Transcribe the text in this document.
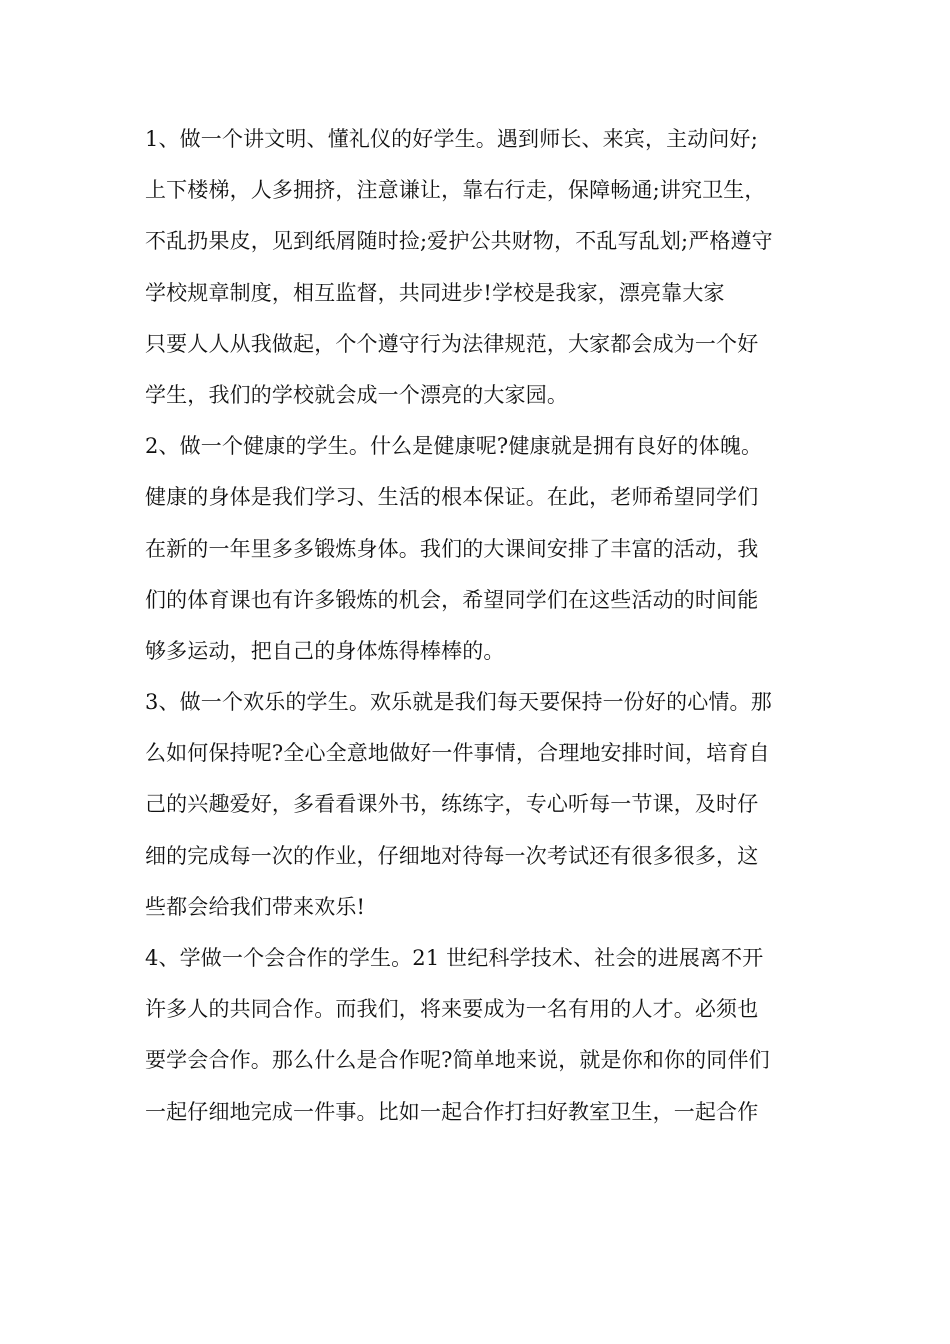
1、做一个讲文明、懂礼仪的好学生。遇到师长、来宾，主动问好;
上下楼梯，人多拥挤，注意谦让，靠右行走，保障畅通;讲究卫生，
不乱扔果皮，见到纸屑随时捡;爱护公共财物，不乱写乱划;严格遵守
学校规章制度，相互监督，共同进步!学校是我家，漂亮靠大家
只要人人从我做起，个个遵守行为法律规范，大家都会成为一个好
学生，我们的学校就会成一个漂亮的大家园。
2、做一个健康的学生。什么是健康呢?健康就是拥有良好的体魄。
健康的身体是我们学习、生活的根本保证。在此，老师希望同学们
在新的一年里多多锻炼身体。我们的大课间安排了丰富的活动，我
们的体育课也有许多锻炼的机会，希望同学们在这些活动的时间能
够多运动，把自己的身体炼得棒棒的。
3、做一个欢乐的学生。欢乐就是我们每天要保持一份好的心情。那
么如何保持呢?全心全意地做好一件事情，合理地安排时间，培育自
己的兴趣爱好，多看看课外书，练练字，专心听每一节课，及时仔
细的完成每一次的作业，仔细地对待每一次考试还有很多很多，这
些都会给我们带来欢乐!
4、学做一个会合作的学生。21 世纪科学技术、社会的进展离不开
许多人的共同合作。而我们，将来要成为一名有用的人才。必须也
要学会合作。那么什么是合作呢?简单地来说，就是你和你的同伴们
一起仔细地完成一件事。比如一起合作打扫好教室卫生，一起合作
